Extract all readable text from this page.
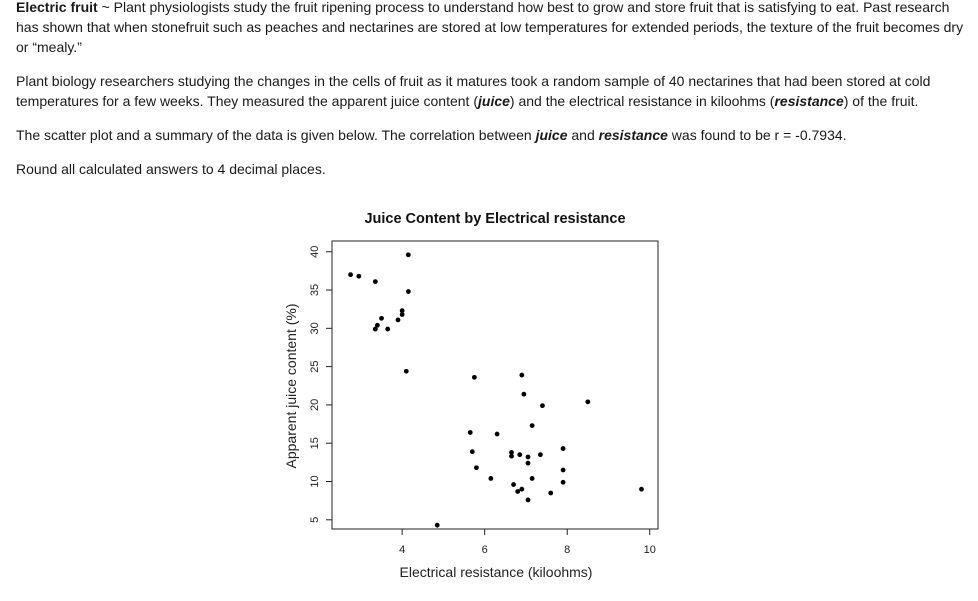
Electric fruit ~ Plant physiologists study the fruit ripening process to understand how best to grow and store fruit that is satisfying to eat. Past research has shown that when stonefruit such as peaches and nectarines are stored at low temperatures for extended periods, the texture of the fruit becomes dry or “mealy.”

Plant biology researchers studying the changes in the cells of fruit as it matures took a random sample of 40 nectarines that had been stored at cold temperatures for a few weeks. They measured the apparent juice content (juice) and the electrical resistance in kiloohms (resistance) of the fruit.

The scatter plot and a summary of the data is given below. The correlation between juice and resistance was found to be r = -0.7934.

Round all calculated answers to 4 decimal places.

Juice Content by Electrical resistance
4	6	8	10
5
10
15
20
25
30
35
40
Electrical resistance (kiloohms)
Apparent juice content (%)
